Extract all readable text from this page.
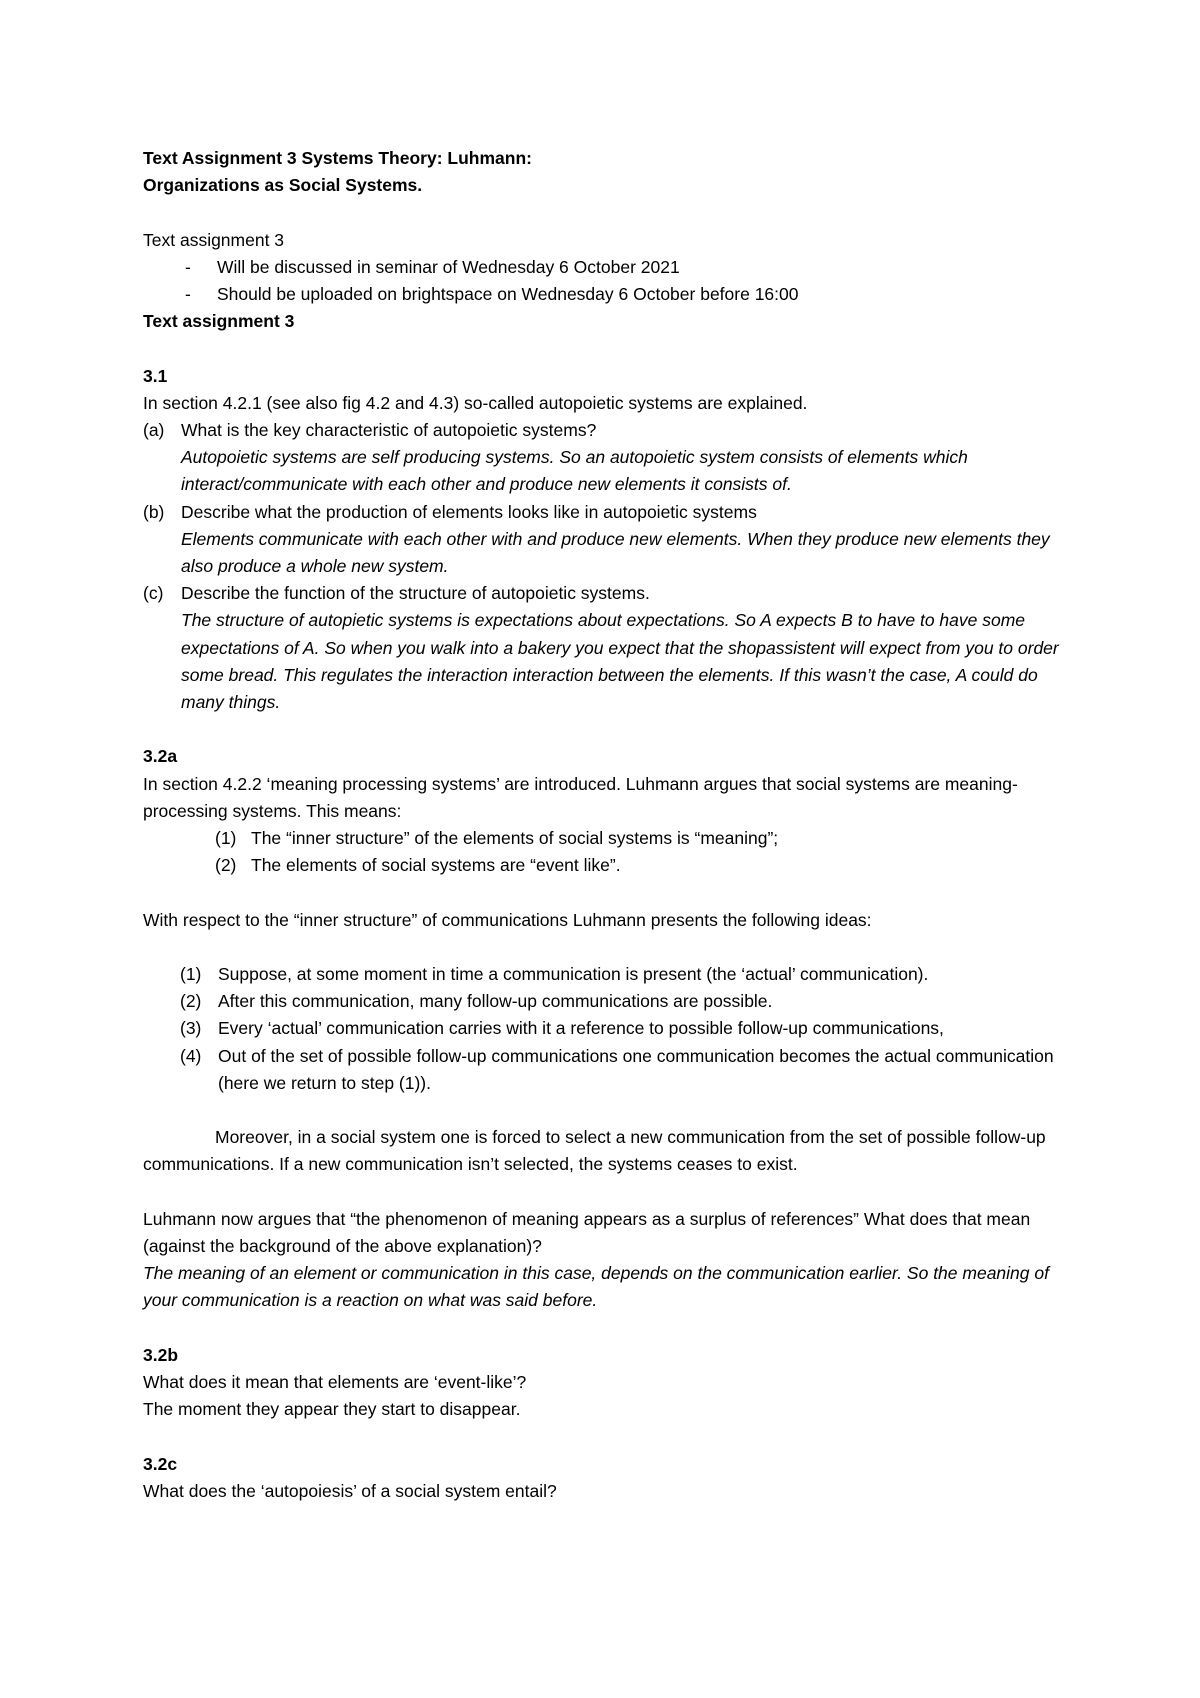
Text Assignment 3 Systems Theory: Luhmann:

Organizations as Social Systems.

Text assignment 3

- Will be discussed in seminar of Wednesday 6 October 2021

- Should be uploaded on brightspace on Wednesday 6 October before 16:00

Text assignment 3

3.1

In section 4.2.1 (see also fig 4.2 and 4.3) so-called autopoietic systems are explained.

(a) What is the key characteristic of autopoietic systems?

Autopoietic systems are self producing systems. So an autopoietic system consists of elements which interact/communicate with each other and produce new elements it consists of.

(b) Describe what the production of elements looks like in autopoietic systems

Elements communicate with each other with and produce new elements. When they produce new elements they also produce a whole new system.

(c) Describe the function of the structure of autopoietic systems.

The structure of autopietic systems is expectations about expectations. So A expects B to have to have some expectations of A. So when you walk into a bakery you expect that the shopassistent will expect from you to order some bread. This regulates the interaction interaction between the elements. If this wasn’t the case, A could do many things.

3.2a

In section 4.2.2 ‘meaning processing systems’ are introduced. Luhmann argues that social systems are meaning-processing systems. This means:

(1) The “inner structure” of the elements of social systems is “meaning”;

(2) The elements of social systems are “event like”.

With respect to the “inner structure” of communications Luhmann presents the following ideas:

(1) Suppose, at some moment in time a communication is present (the ‘actual’ communication).

(2) After this communication, many follow-up communications are possible.

(3) Every ‘actual’ communication carries with it a reference to possible follow-up communications,

(4) Out of the set of possible follow-up communications one communication becomes the actual communication (here we return to step (1)).

Moreover, in a social system one is forced to select a new communication from the set of possible follow-up communications. If a new communication isn’t selected, the systems ceases to exist.

Luhmann now argues that “the phenomenon of meaning appears as a surplus of references” What does that mean (against the background of the above explanation)?

The meaning of an element or communication in this case, depends on the communication earlier. So the meaning of your communication is a reaction on what was said before.

3.2b

What does it mean that elements are ‘event-like’?

The moment they appear they start to disappear.

3.2c

What does the ‘autopoiesis’ of a social system entail?
